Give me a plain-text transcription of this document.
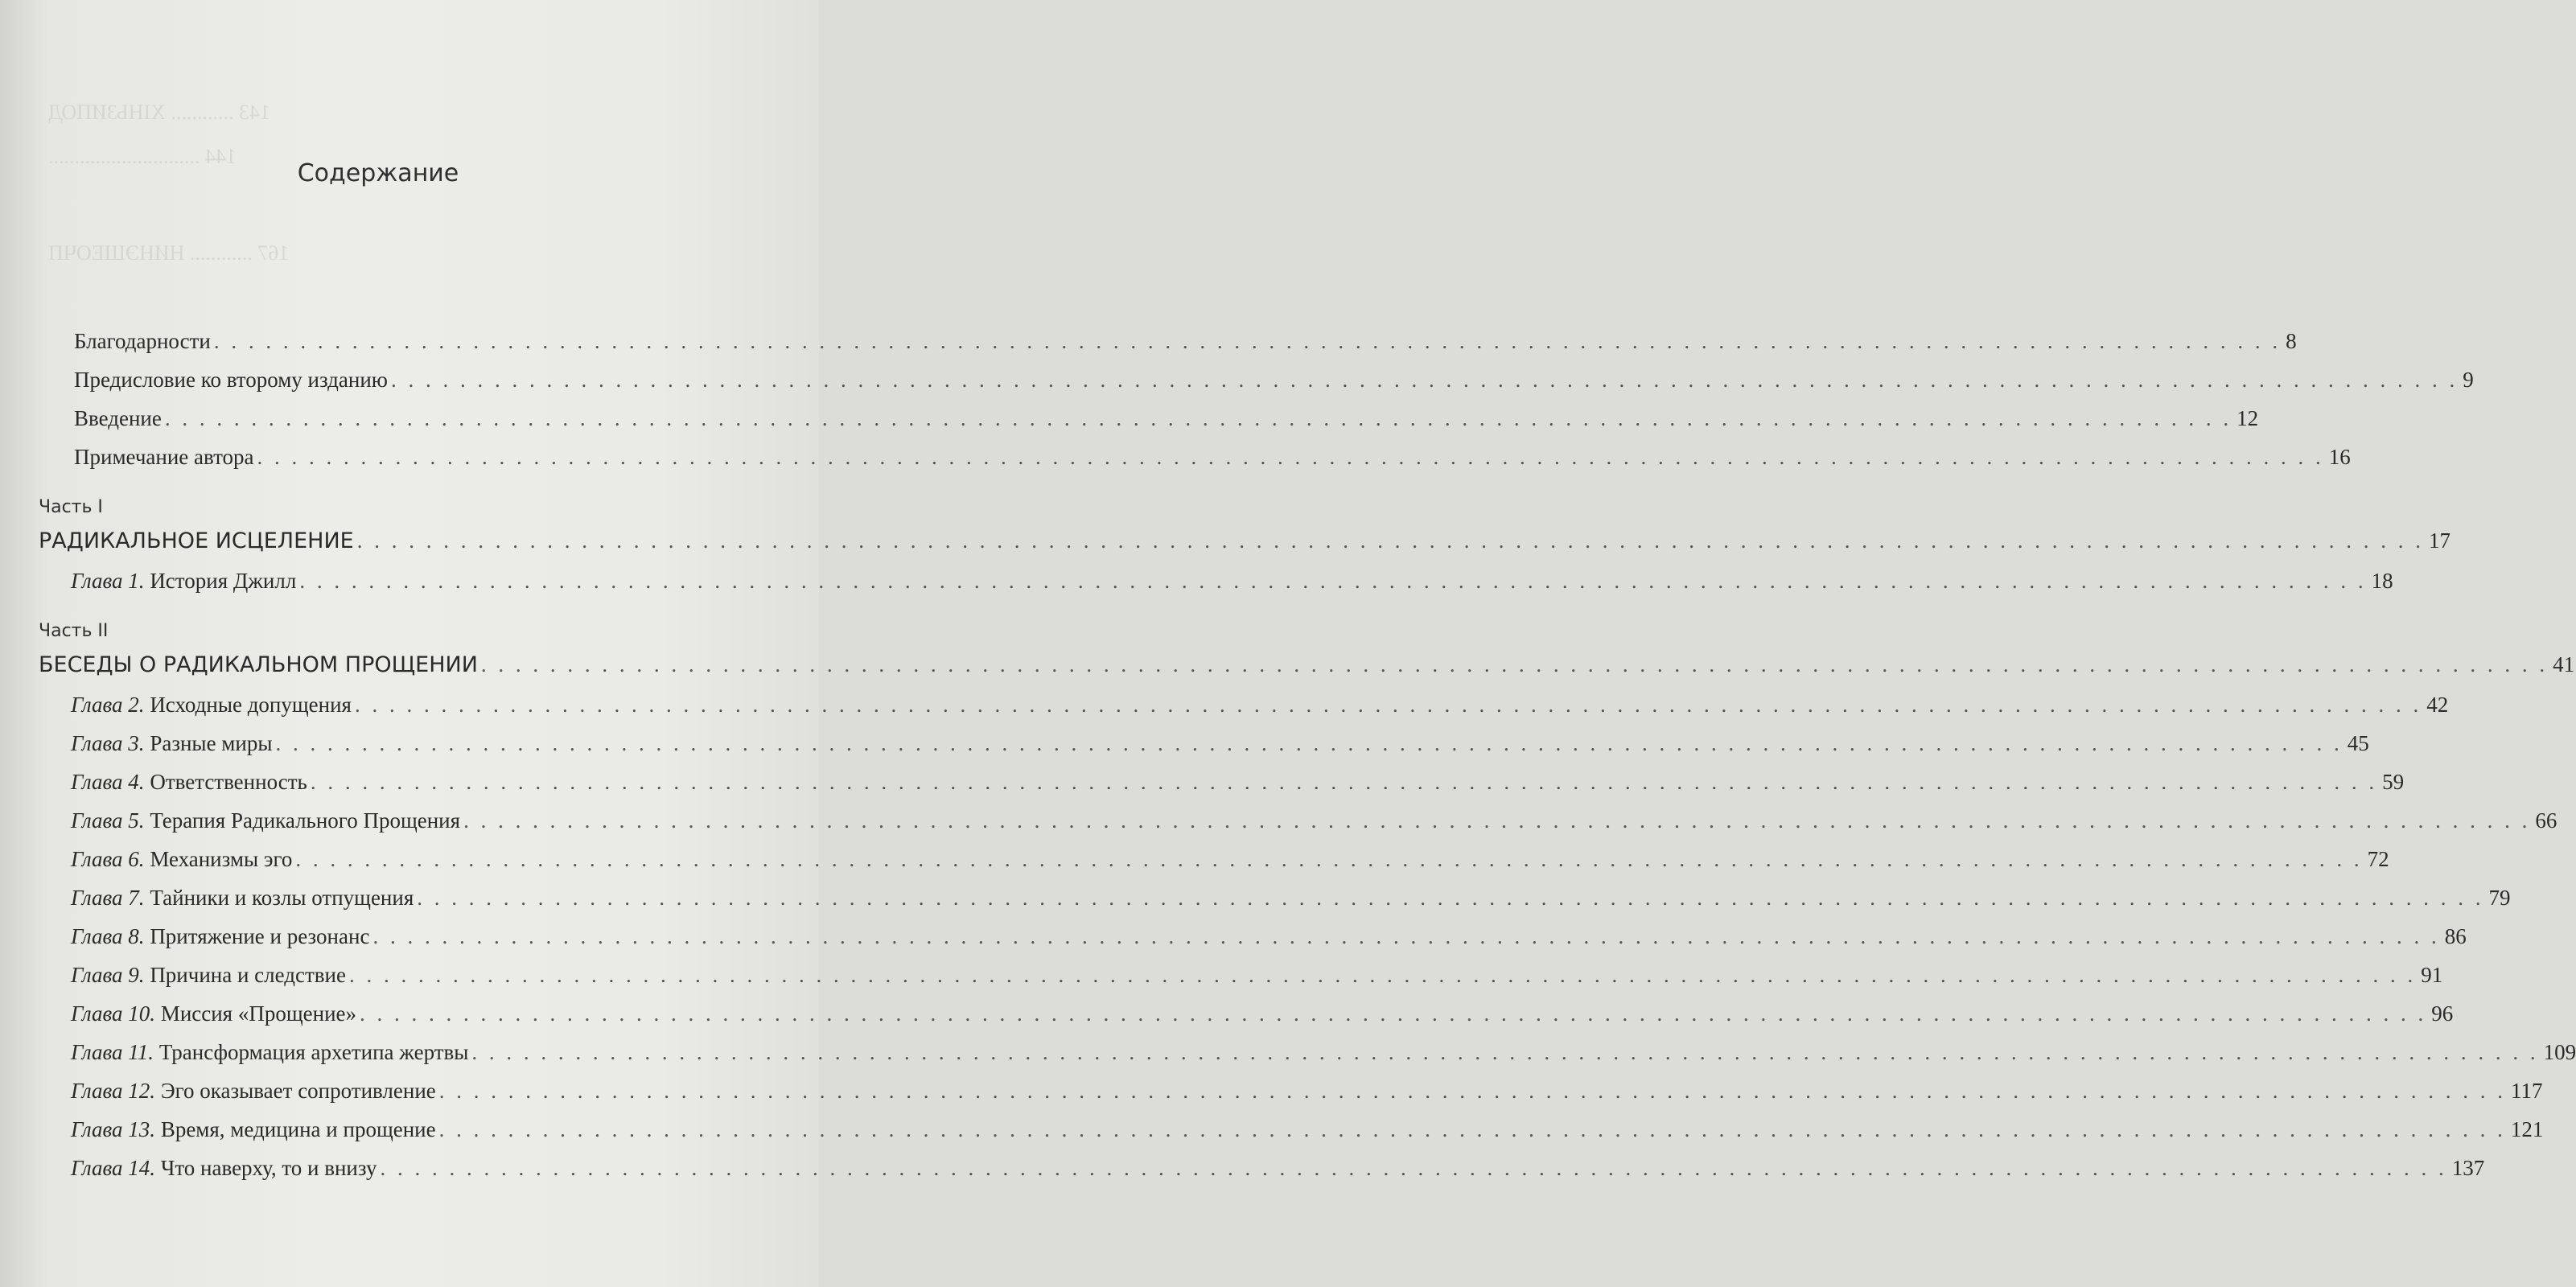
143 ............ ХІНЬЗИПОД
144 .............................
167 ............ НИНЭШЕОЧП
Содержание
Благодарности . . . . . . . . . . . . . . . . . . . . . . . . . . . . . . . . . . . . . . . . . . . . . . . . . . . . . . . . . . . . . . . . . . . . . . . . . . . . . . . . . . . . . . . . . . . . . . . . . . . . . . . . . . . . . . . . . . . . . . . . 8
Предисловие ко второму изданию . . . . . . . . . . . . . . . . . . . . . . . . . . . . . . . . . . . . . . . . . . . . . . . . . . . . . . . . . . . . . . . . . . . . . . . . . . . . . . . . . . . . . . . . . . . . . . . . . . . . . . . . . . . . . . . . . . . . . . . . 9
Введение . . . . . . . . . . . . . . . . . . . . . . . . . . . . . . . . . . . . . . . . . . . . . . . . . . . . . . . . . . . . . . . . . . . . . . . . . . . . . . . . . . . . . . . . . . . . . . . . . . . . . . . . . . . . . . . . . . . . . . . . 12
Примечание автора . . . . . . . . . . . . . . . . . . . . . . . . . . . . . . . . . . . . . . . . . . . . . . . . . . . . . . . . . . . . . . . . . . . . . . . . . . . . . . . . . . . . . . . . . . . . . . . . . . . . . . . . . . . . . . . . . . . . . . . . 16
Часть I
РАДИКАЛЬНОЕ ИСЦЕЛЕНИЕ . . . . . . . . . . . . . . . . . . . . . . . . . . . . . . . . . . . . . . . . . . . . . . . . . . . . . . . . . . . . . . . . . . . . . . . . . . . . . . . . . . . . . . . . . . . . . . . . . . . . . . . . . . . . . . . . . . . . . . . . 17
Глава 1. История Джилл . . . . . . . . . . . . . . . . . . . . . . . . . . . . . . . . . . . . . . . . . . . . . . . . . . . . . . . . . . . . . . . . . . . . . . . . . . . . . . . . . . . . . . . . . . . . . . . . . . . . . . . . . . . . . . . . . . . . . . . . 18
Часть II
БЕСЕДЫ О РАДИКАЛЬНОМ ПРОЩЕНИИ . . . . . . . . . . . . . . . . . . . . . . . . . . . . . . . . . . . . . . . . . . . . . . . . . . . . . . . . . . . . . . . . . . . . . . . . . . . . . . . . . . . . . . . . . . . . . . . . . . . . . . . . . . . . . . . . . . . . . . . . 41
Глава 2. Исходные допущения . . . . . . . . . . . . . . . . . . . . . . . . . . . . . . . . . . . . . . . . . . . . . . . . . . . . . . . . . . . . . . . . . . . . . . . . . . . . . . . . . . . . . . . . . . . . . . . . . . . . . . . . . . . . . . . . . . . . . . . . 42
Глава 3. Разные миры . . . . . . . . . . . . . . . . . . . . . . . . . . . . . . . . . . . . . . . . . . . . . . . . . . . . . . . . . . . . . . . . . . . . . . . . . . . . . . . . . . . . . . . . . . . . . . . . . . . . . . . . . . . . . . . . . . . . . . . . 45
Глава 4. Ответственность . . . . . . . . . . . . . . . . . . . . . . . . . . . . . . . . . . . . . . . . . . . . . . . . . . . . . . . . . . . . . . . . . . . . . . . . . . . . . . . . . . . . . . . . . . . . . . . . . . . . . . . . . . . . . . . . . . . . . . . . 59
Глава 5. Терапия Радикального Прощения . . . . . . . . . . . . . . . . . . . . . . . . . . . . . . . . . . . . . . . . . . . . . . . . . . . . . . . . . . . . . . . . . . . . . . . . . . . . . . . . . . . . . . . . . . . . . . . . . . . . . . . . . . . . . . . . . . . . . . . . 66
Глава 6. Механизмы эго . . . . . . . . . . . . . . . . . . . . . . . . . . . . . . . . . . . . . . . . . . . . . . . . . . . . . . . . . . . . . . . . . . . . . . . . . . . . . . . . . . . . . . . . . . . . . . . . . . . . . . . . . . . . . . . . . . . . . . . . 72
Глава 7. Тайники и козлы отпущения . . . . . . . . . . . . . . . . . . . . . . . . . . . . . . . . . . . . . . . . . . . . . . . . . . . . . . . . . . . . . . . . . . . . . . . . . . . . . . . . . . . . . . . . . . . . . . . . . . . . . . . . . . . . . . . . . . . . . . . . 79
Глава 8. Притяжение и резонанс . . . . . . . . . . . . . . . . . . . . . . . . . . . . . . . . . . . . . . . . . . . . . . . . . . . . . . . . . . . . . . . . . . . . . . . . . . . . . . . . . . . . . . . . . . . . . . . . . . . . . . . . . . . . . . . . . . . . . . . . 86
Глава 9. Причина и следствие . . . . . . . . . . . . . . . . . . . . . . . . . . . . . . . . . . . . . . . . . . . . . . . . . . . . . . . . . . . . . . . . . . . . . . . . . . . . . . . . . . . . . . . . . . . . . . . . . . . . . . . . . . . . . . . . . . . . . . . . 91
Глава 10. Миссия «Прощение» . . . . . . . . . . . . . . . . . . . . . . . . . . . . . . . . . . . . . . . . . . . . . . . . . . . . . . . . . . . . . . . . . . . . . . . . . . . . . . . . . . . . . . . . . . . . . . . . . . . . . . . . . . . . . . . . . . . . . . . . 96
Глава 11. Трансформация архетипа жертвы . . . . . . . . . . . . . . . . . . . . . . . . . . . . . . . . . . . . . . . . . . . . . . . . . . . . . . . . . . . . . . . . . . . . . . . . . . . . . . . . . . . . . . . . . . . . . . . . . . . . . . . . . . . . . . . . . . . . . . . . 109
Глава 12. Эго оказывает сопротивление . . . . . . . . . . . . . . . . . . . . . . . . . . . . . . . . . . . . . . . . . . . . . . . . . . . . . . . . . . . . . . . . . . . . . . . . . . . . . . . . . . . . . . . . . . . . . . . . . . . . . . . . . . . . . . . . . . . . . . . . 117
Глава 13. Время, медицина и прощение . . . . . . . . . . . . . . . . . . . . . . . . . . . . . . . . . . . . . . . . . . . . . . . . . . . . . . . . . . . . . . . . . . . . . . . . . . . . . . . . . . . . . . . . . . . . . . . . . . . . . . . . . . . . . . . . . . . . . . . . 121
Глава 14. Что наверху, то и внизу . . . . . . . . . . . . . . . . . . . . . . . . . . . . . . . . . . . . . . . . . . . . . . . . . . . . . . . . . . . . . . . . . . . . . . . . . . . . . . . . . . . . . . . . . . . . . . . . . . . . . . . . . . . . . . . . . . . . . . . . 137
